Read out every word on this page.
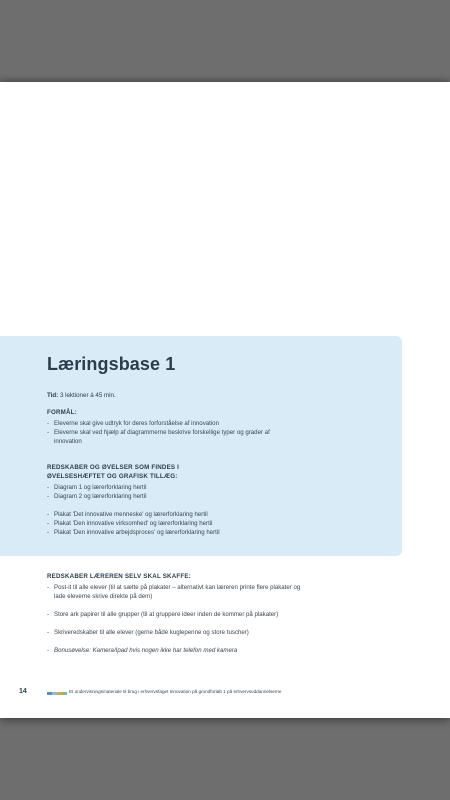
Læringsbase 1
Tid: 3 lektioner á 45 min.
FORMÅL:
- Eleverne skal give udtryk for deres forforståelse af innovation
- Eleverne skal ved hjælp af diagrammerne beskrive forskellige typer og grader af innovation
REDSKABER OG ØVELSER SOM FINDES I
ØVELSESHÆFTET OG GRAFISK TILLÆG:
- Diagram 1 og lærerforklaring hertil
- Diagram 2 og lærerforklaring hertil
- Plakat 'Det innovative menneske' og lærerforklaring hertil
- Plakat 'Den innovative virksomhed' og lærerforklaring hertil
- Plakat 'Den innovative arbejdsproces' og lærerforklaring hertil
REDSKABER LÆREREN SELV SKAL SKAFFE:
- Post-it til alle elever (til at sætte på plakater – alternativt kan læreren printe flere plakater og lade eleverne skrive direkte på dem)
- Store ark papirer til alle grupper (til at gruppere ideer inden de kommer på plakater)
- Skriveredskaber til alle elever (gerne både kuglepenne og store tuscher)
- Bonusøvelse: Kamera/Ipad hvis nogen ikke har telefon med kamera
14	Et undervisningsmateriale til brug i erhvervsfaget Innovation på grundforløb 1 på erhvervsuddannelserne
